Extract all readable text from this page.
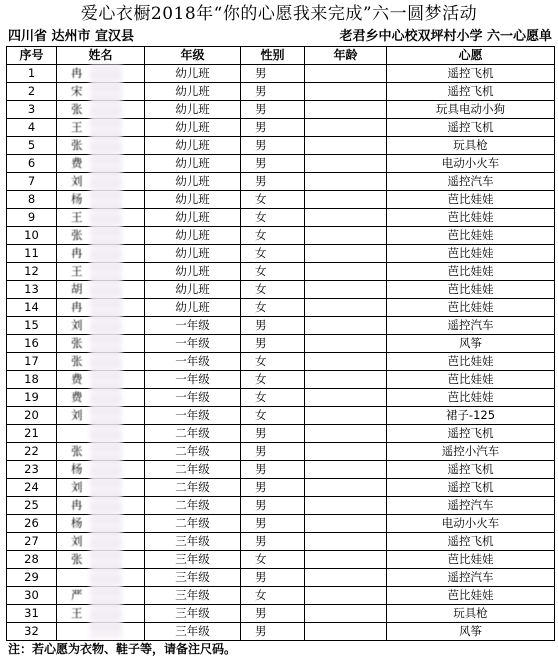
爱心衣橱2018年“你的心愿我来完成”六一圆梦活动
四川省 达州市 宣汉县	老君乡中心校双坪村小学 六一心愿单
序号	姓名	年级	性别	年龄	心愿
1	冉	幼儿班	男		遥控飞机
2	宋	幼儿班	男		遥控飞机
3	张	幼儿班	男		玩具电动小狗
4	王	幼儿班	男		遥控飞机
5	张	幼儿班	男		玩具枪
6	费	幼儿班	男		电动小火车
7	刘	幼儿班	男		遥控汽车
8	杨	幼儿班	女		芭比娃娃
9	王	幼儿班	女		芭比娃娃
10	张	幼儿班	女		芭比娃娃
11	冉	幼儿班	女		芭比娃娃
12	王	幼儿班	女		芭比娃娃
13	胡	幼儿班	女		芭比娃娃
14	冉	幼儿班	女		芭比娃娃
15	刘	一年级	男		遥控汽车
16	张	一年级	男		风筝
17	张	一年级	女		芭比娃娃
18	费	一年级	女		芭比娃娃
19	费	一年级	女		芭比娃娃
20	刘	一年级	女		裙子-125
21		二年级	男		遥控飞机
22	张	二年级	男		遥控小汽车
23	杨	二年级	男		遥控飞机
24	刘	二年级	男		遥控飞机
25	冉	二年级	男		遥控汽车
26	杨	二年级	男		电动小火车
27	刘	三年级	男		遥控飞机
28	张	三年级	女		芭比娃娃
29		三年级	男		遥控汽车
30	严	三年级	女		芭比娃娃
31	王	三年级	男		玩具枪
32		三年级	男		风筝
注：若心愿为衣物、鞋子等，请备注尺码。
